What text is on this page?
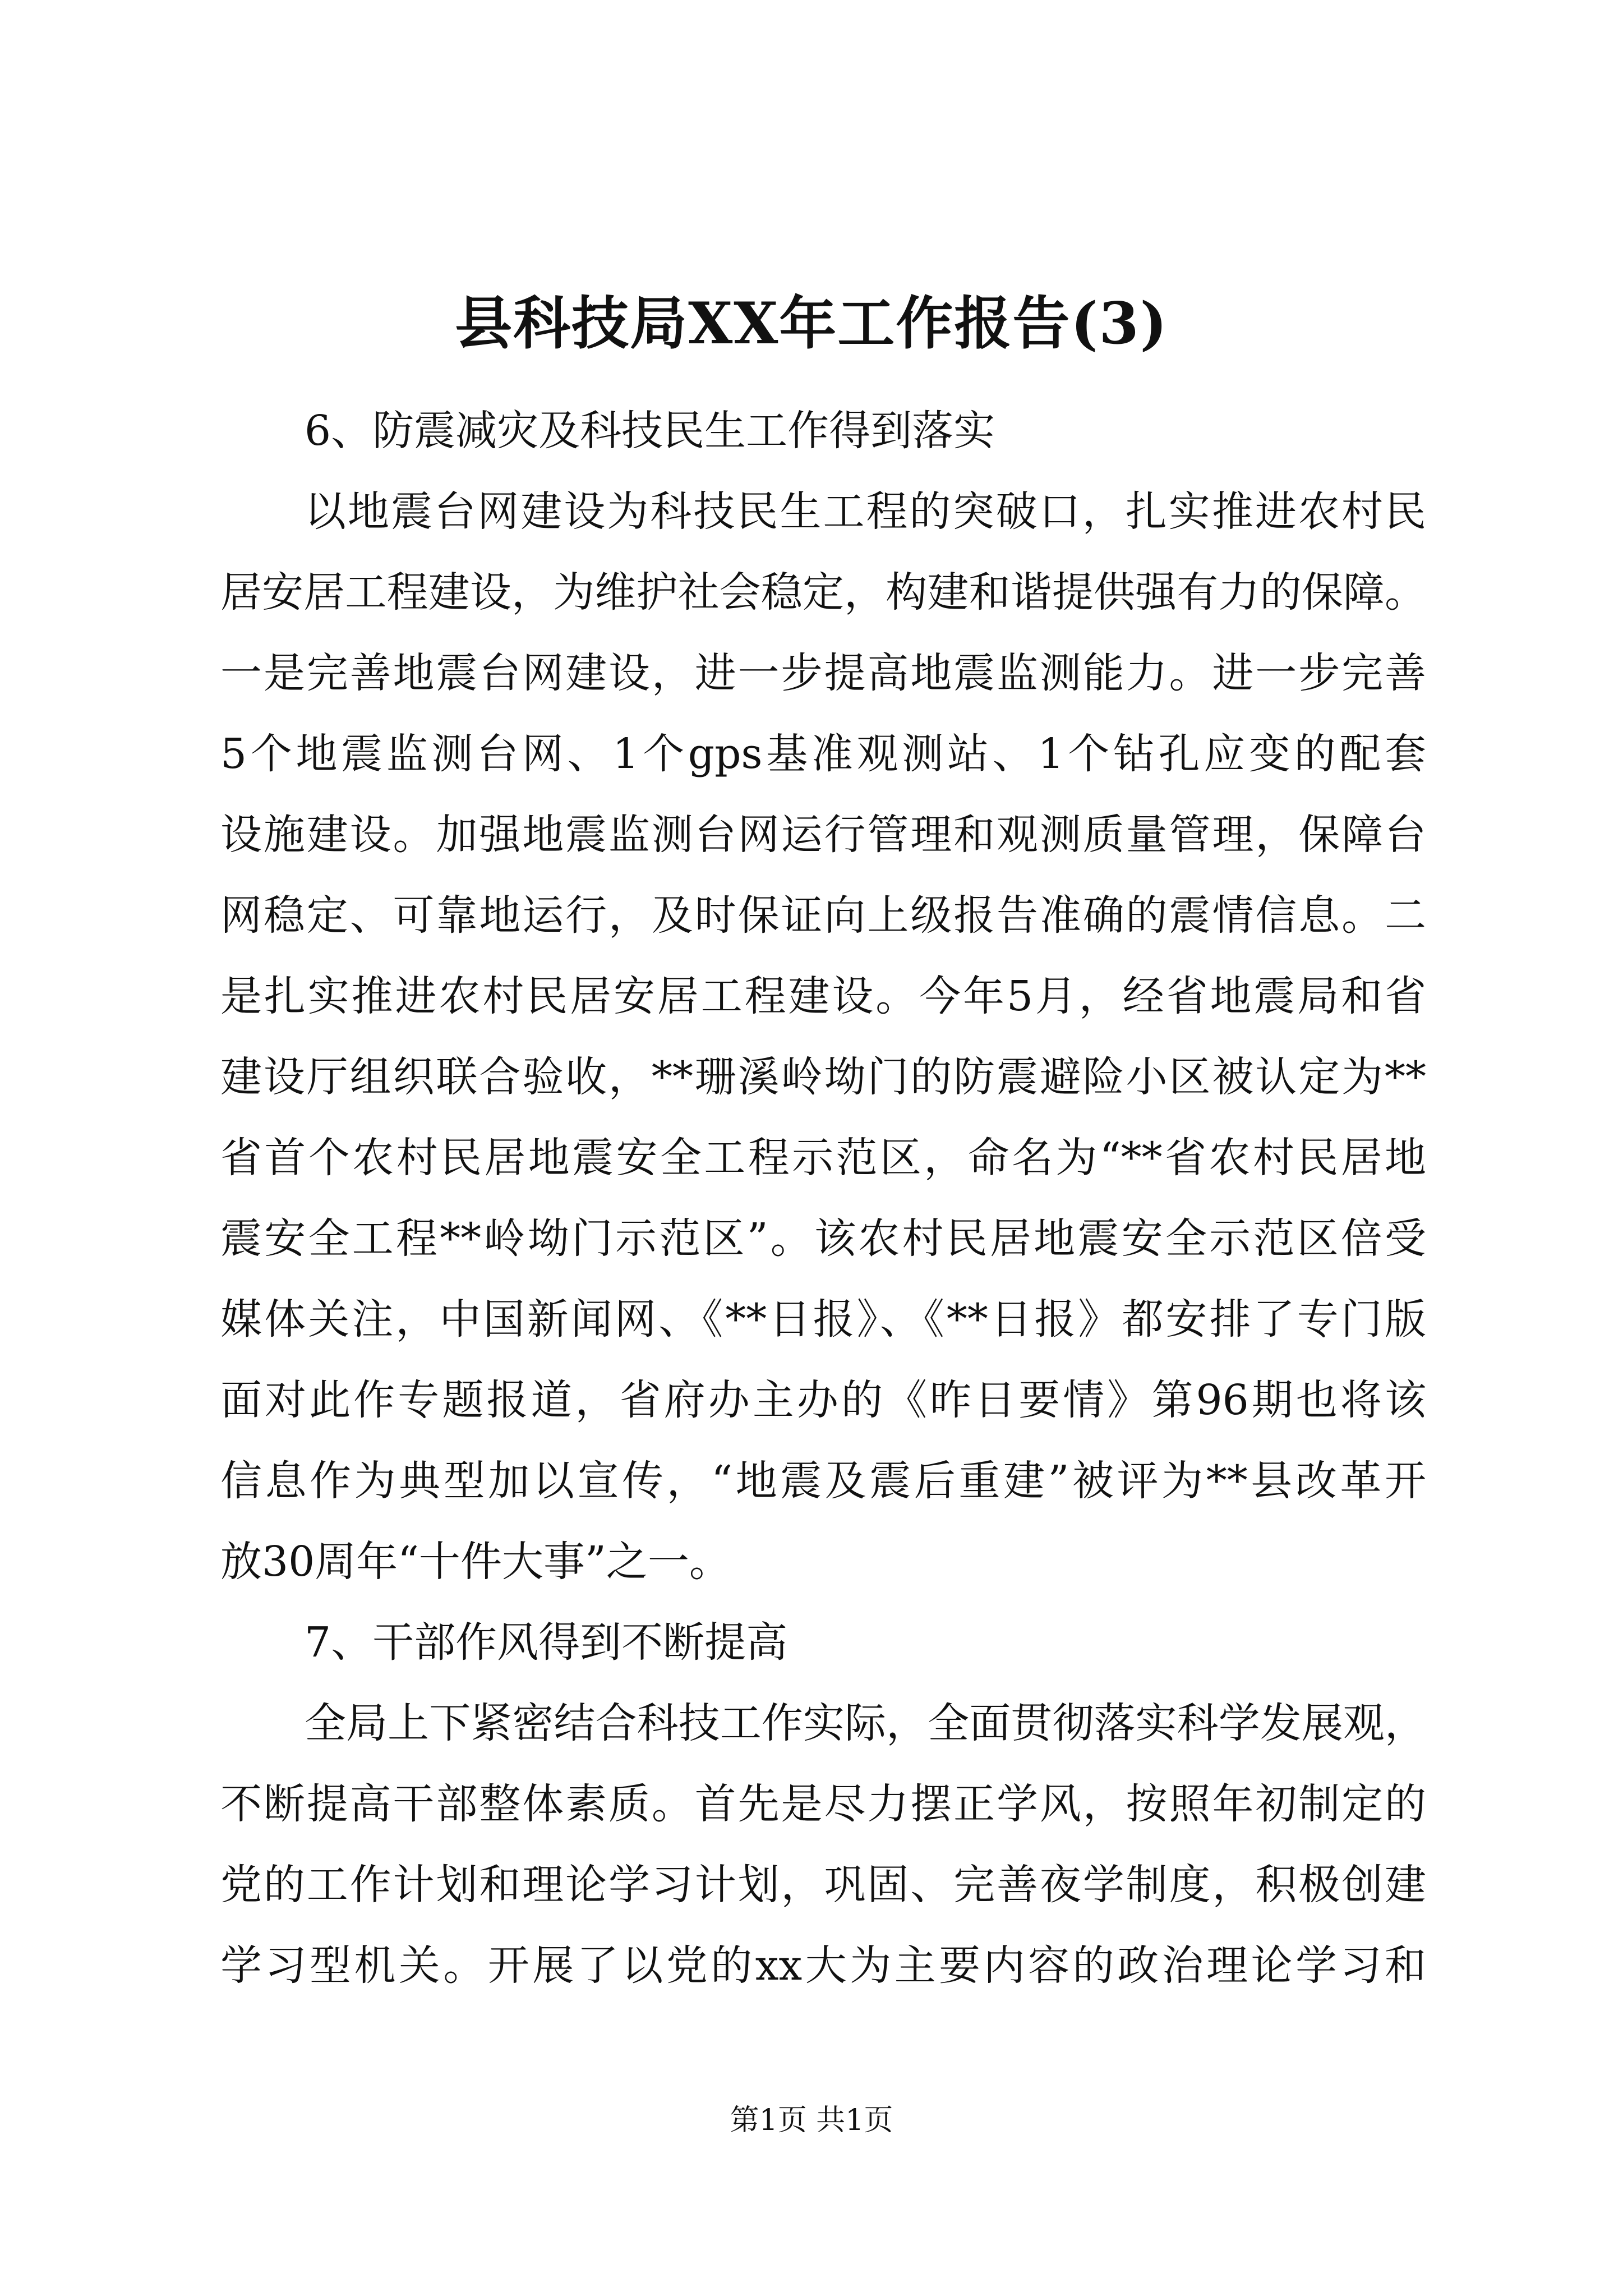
县科技局XX年工作报告(3)
6、防震减灾及科技民生工作得到落实
以地震台网建设为科技民生工程的突破口，扎实推进农村民
居安居工程建设，为维护社会稳定，构建和谐提供强有力的保障。
一是完善地震台网建设，进一步提高地震监测能力。进一步完善
5个地震监测台网、1个gps基准观测站、1个钻孔应变的配套
设施建设。加强地震监测台网运行管理和观测质量管理，保障台
网稳定、可靠地运行，及时保证向上级报告准确的震情信息。二
是扎实推进农村民居安居工程建设。今年5月，经省地震局和省
建设厅组织联合验收，**珊溪岭坳门的防震避险小区被认定为**
省首个农村民居地震安全工程示范区，命名为“**省农村民居地
震安全工程**岭坳门示范区”。该农村民居地震安全示范区倍受
媒体关注，中国新闻网、《**日报》、《**日报》都安排了专门版
面对此作专题报道，省府办主办的《昨日要情》第96期也将该
信息作为典型加以宣传，“地震及震后重建”被评为**县改革开
放30周年“十件大事”之一。
7、干部作风得到不断提高
全局上下紧密结合科技工作实际，全面贯彻落实科学发展观，
不断提高干部整体素质。首先是尽力摆正学风，按照年初制定的
党的工作计划和理论学习计划，巩固、完善夜学制度，积极创建
学习型机关。开展了以党的xx大为主要内容的政治理论学习和
第1页 共1页
